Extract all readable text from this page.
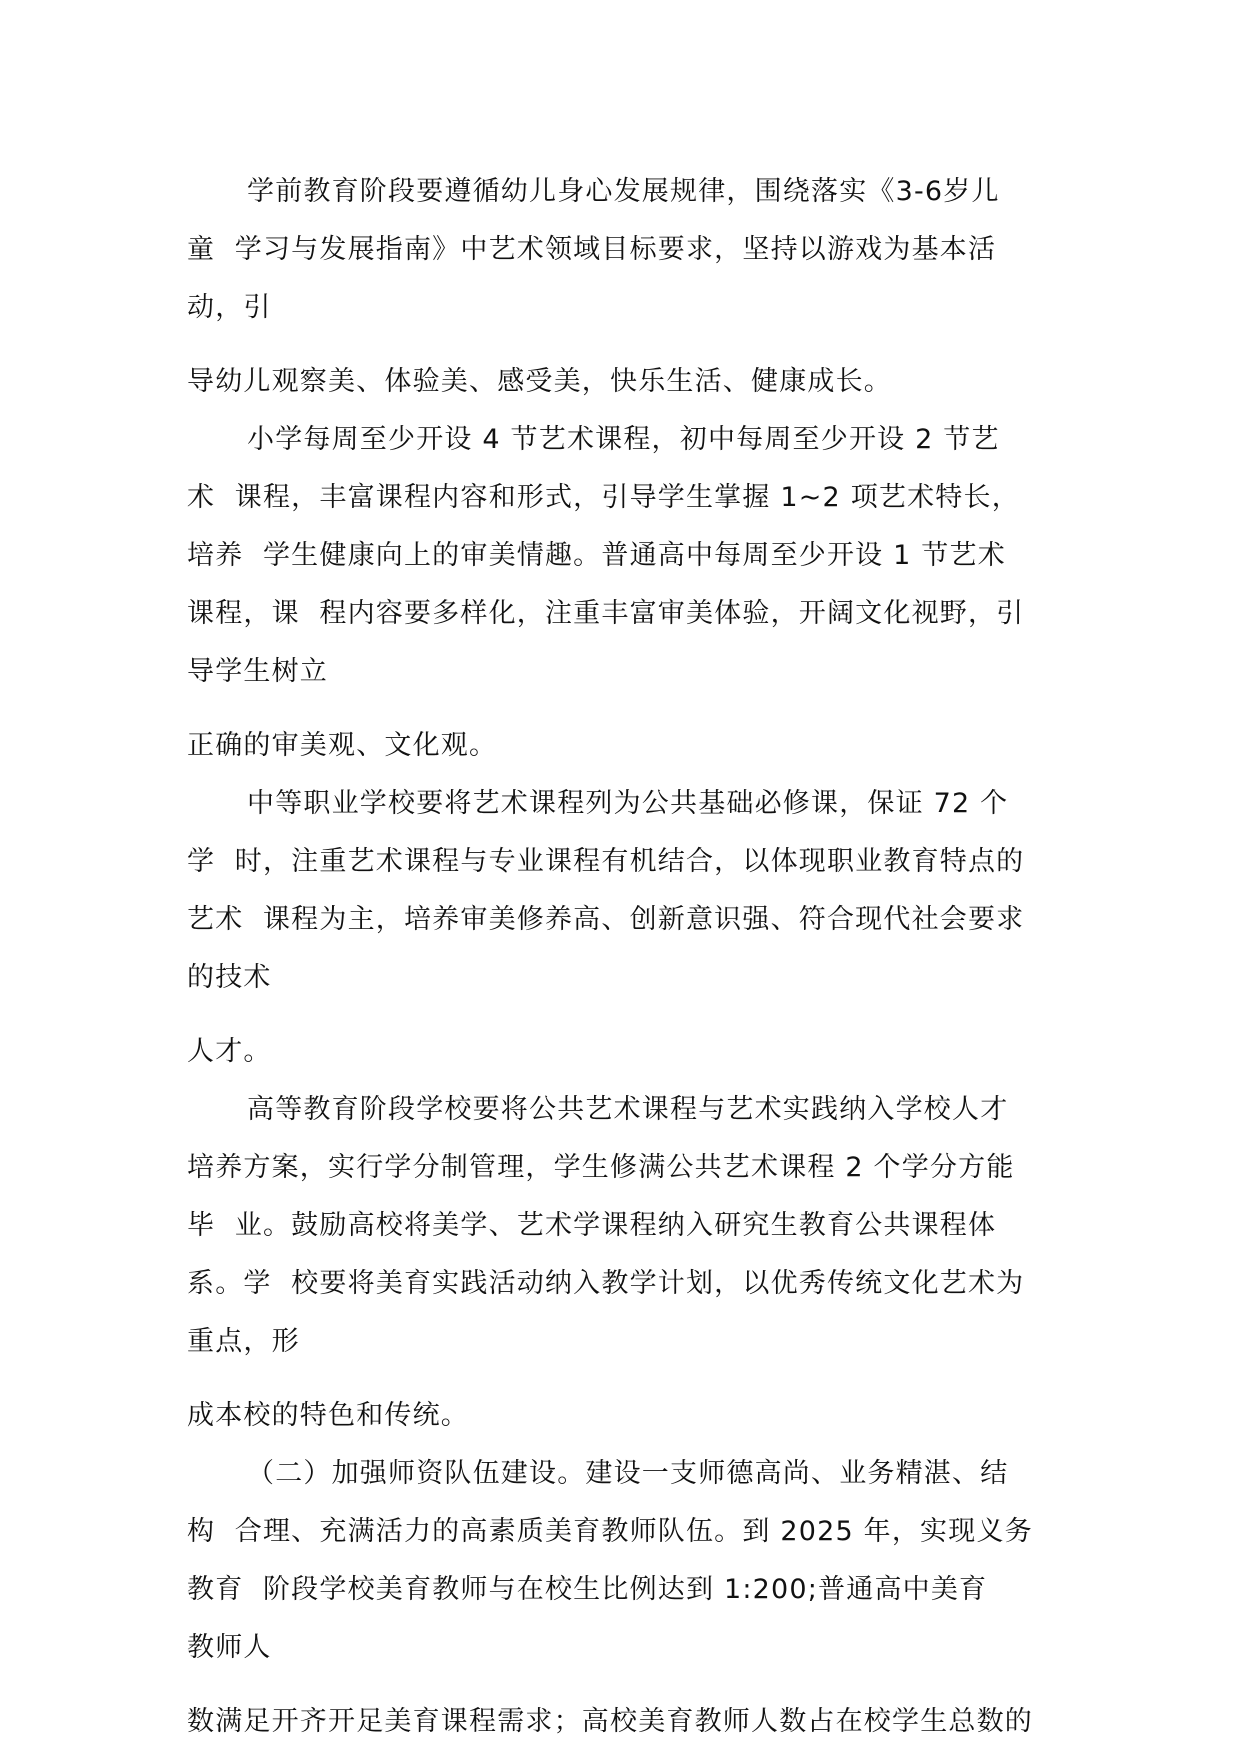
学前教育阶段要遵循幼儿身心发展规律，围绕落实《3-6岁儿
童  学习与发展指南》中艺术领域目标要求，坚持以游戏为基本活
动，引
导幼儿观察美、体验美、感受美，快乐生活、健康成长。
小学每周至少开设 4 节艺术课程，初中每周至少开设 2 节艺
术  课程，丰富课程内容和形式，引导学生掌握 1~2 项艺术特长，
培养  学生健康向上的审美情趣。普通高中每周至少开设 1 节艺术
课程，课  程内容要多样化，注重丰富审美体验，开阔文化视野，引
导学生树立
正确的审美观、文化观。
中等职业学校要将艺术课程列为公共基础必修课，保证 72 个
学  时，注重艺术课程与专业课程有机结合，以体现职业教育特点的
艺术  课程为主，培养审美修养高、创新意识强、符合现代社会要求
的技术
人才。
高等教育阶段学校要将公共艺术课程与艺术实践纳入学校人才
培养方案，实行学分制管理，学生修满公共艺术课程 2 个学分方能
毕  业。鼓励高校将美学、艺术学课程纳入研究生教育公共课程体
系。学  校要将美育实践活动纳入教学计划，以优秀传统文化艺术为
重点，形
成本校的特色和传统。
（二）加强师资队伍建设。建设一支师德高尚、业务精湛、结
构  合理、充满活力的高素质美育教师队伍。到 2025 年，实现义务
教育  阶段学校美育教师与在校生比例达到 1:200;普通高中美育
教师人
数满足开齐开足美育课程需求；高校美育教师人数占在校学生总数的
